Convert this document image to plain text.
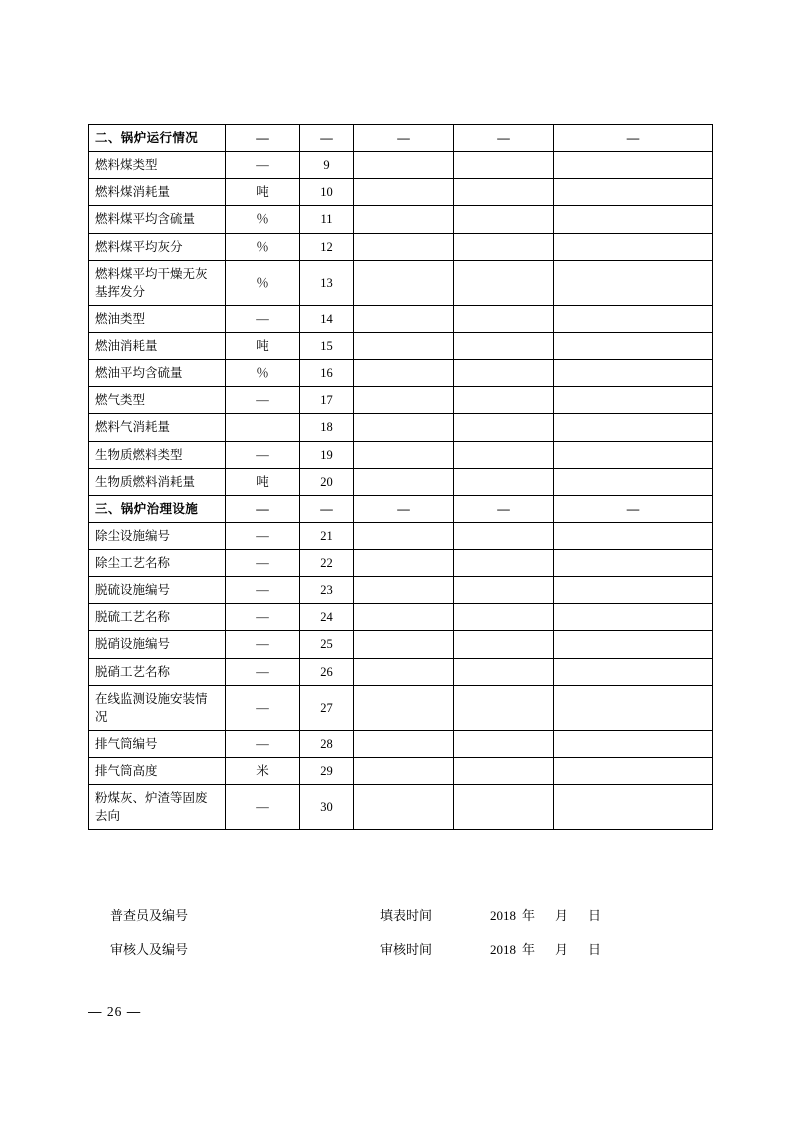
二、锅炉运行情况	—	—	—	—	—
燃料煤类型	—	9			
燃料煤消耗量	吨	10			
燃料煤平均含硫量	％	11			
燃料煤平均灰分	％	12			
燃料煤平均干燥无灰基挥发分	％	13			
燃油类型	—	14			
燃油消耗量	吨	15			
燃油平均含硫量	％	16			
燃气类型	—	17			
燃料气消耗量		18			
生物质燃料类型	—	19			
生物质燃料消耗量	吨	20			
三、锅炉治理设施	—	—	—	—	—
除尘设施编号	—	21			
除尘工艺名称	—	22			
脱硫设施编号	—	23			
脱硫工艺名称	—	24			
脱硝设施编号	—	25			
脱硝工艺名称	—	26			
在线监测设施安装情况	—	27			
排气筒编号	—	28			
排气筒高度	米	29			
粉煤灰、炉渣等固废去向	—	30			
普查员及编号	填表时间	2018 年 月 日
审核人及编号	审核时间	2018 年 月 日
— 26 —
